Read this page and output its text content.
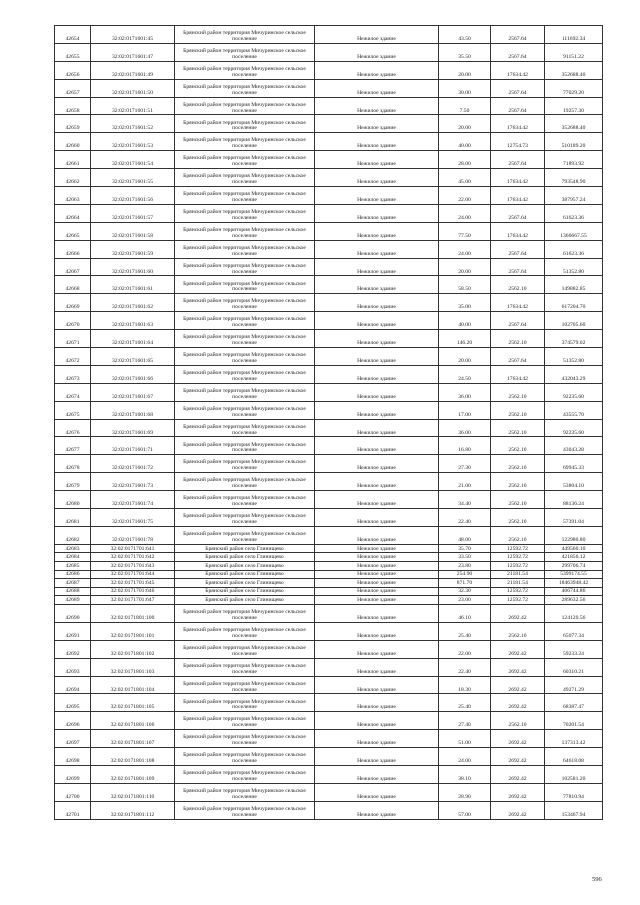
42654	32:02:0171601:45	Брянский район территория Мичуринское сельское поселение	Нежилое здание	43.50	2567.64	111692.34
42655	32:02:0171601:47	Брянский район территория Мичуринское сельское поселение	Нежилое здание	35.50	2567.64	91151.22
42656	32:02:0171601:49	Брянский район территория Мичуринское сельское поселение	Нежилое здание	20.00	17634.42	352688.40
42657	32:02:0171601:50	Брянский район территория Мичуринское сельское поселение	Нежилое здание	30.00	2567.64	77029.20
42658	32:02:0171601:51	Брянский район территория Мичуринское сельское поселение	Нежилое здание	7.50	2567.64	19257.30
42659	32:02:0171601:52	Брянский район территория Мичуринское сельское поселение	Нежилое здание	20.00	17634.42	352688.40
42660	32:02:0171601:53	Брянский район территория Мичуринское сельское поселение	Нежилое здание	40.00	12754.73	510189.20
42661	32:02:0171601:54	Брянский район территория Мичуринское сельское поселение	Нежилое здание	28.00	2567.64	71893.92
42662	32:02:0171601:55	Брянский район территория Мичуринское сельское поселение	Нежилое здание	45.00	17634.42	793548.90
42663	32:02:0171601:56	Брянский район территория Мичуринское сельское поселение	Нежилое здание	22.00	17634.42	387957.24
42664	32:02:0171601:57	Брянский район территория Мичуринское сельское поселение	Нежилое здание	24.00	2567.64	61623.36
42665	32:02:0171601:58	Брянский район территория Мичуринское сельское поселение	Нежилое здание	77.50	17634.42	1366667.55
42666	32:02:0171601:59	Брянский район территория Мичуринское сельское поселение	Нежилое здание	24.00	2567.64	61623.36
42667	32:02:0171601:60	Брянский район территория Мичуринское сельское поселение	Нежилое здание	20.00	2567.64	51352.80
42668	32:02:0171601:61	Брянский район территория Мичуринское сельское поселение	Нежилое здание	58.50	2562.10	149882.85
42669	32:02:0171601:62	Брянский район территория Мичуринское сельское поселение	Нежилое здание	35.00	17634.42	617204.70
42670	32:02:0171601:63	Брянский район территория Мичуринское сельское поселение	Нежилое здание	40.00	2567.64	102705.60
42671	32:02:0171601:64	Брянский район территория Мичуринское сельское поселение	Нежилое здание	146.20	2562.10	374579.02
42672	32:02:0171601:65	Брянский район территория Мичуринское сельское поселение	Нежилое здание	20.00	2567.64	51352.80
42673	32:02:0171601:66	Брянский район территория Мичуринское сельское поселение	Нежилое здание	24.50	17634.42	432043.29
42674	32:02:0171601:67	Брянский район территория Мичуринское сельское поселение	Нежилое здание	36.00	2562.10	92235.60
42675	32:02:0171601:68	Брянский район территория Мичуринское сельское поселение	Нежилое здание	17.00	2562.10	43555.70
42676	32:02:0171601:69	Брянский район территория Мичуринское сельское поселение	Нежилое здание	36.00	2562.10	92235.60
42677	32:02:0171601:71	Брянский район территория Мичуринское сельское поселение	Нежилое здание	16.80	2562.10	43043.28
42678	32:02:0171601:72	Брянский район территория Мичуринское сельское поселение	Нежилое здание	27.30	2562.10	69945.33
42679	32:02:0171601:73	Брянский район территория Мичуринское сельское поселение	Нежилое здание	21.00	2562.10	53804.10
42680	32:02:0171601:74	Брянский район территория Мичуринское сельское поселение	Нежилое здание	34.40	2562.10	88136.24
42681	32:02:0171601:75	Брянский район территория Мичуринское сельское поселение	Нежилое здание	22.40	2562.10	57391.04
42682	32:02:0171601:78	Брянский район территория Мичуринское сельское поселение	Нежилое здание	48.00	2562.10	122980.80
42683	32:02:0171701:641	Брянский район село Глинищево	Нежилое здание	35.70	12592.72	449560.10
42684	32:02:0171701:642	Брянский район село Глинищево	Нежилое здание	33.50	12592.72	421856.12
42685	32:02:0171701:643	Брянский район село Глинищево	Нежилое здание	23.80	12592.72	299706.74
42686	32:02:0171701:644	Брянский район село Глинищево	Нежилое здание	254.90	21181.54	5399174.55
42687	32:02:0171701:645	Брянский район село Глинищево	Нежилое здание	871.70	21181.54	18463948.42
42688	32:02:0171701:646	Брянский район село Глинищево	Нежилое здание	32.30	12592.72	406744.86
42689	32:02:0171701:647	Брянский район село Глинищево	Нежилое здание	23.00	12592.72	289632.56
42690	32:02:0171801:100	Брянский район территория Мичуринское сельское поселение	Нежилое здание	46.10	2692.42	124120.56
42691	32:02:0171801:101	Брянский район территория Мичуринское сельское поселение	Нежилое здание	25.40	2562.10	65077.34
42692	32:02:0171801:102	Брянский район территория Мичуринское сельское поселение	Нежилое здание	22.00	2692.42	59233.24
42693	32:02:0171801:103	Брянский район территория Мичуринское сельское поселение	Нежилое здание	22.40	2692.42	60310.21
42694	32:02:0171801:104	Брянский район территория Мичуринское сельское поселение	Нежилое здание	18.30	2692.42	49271.29
42695	32:02:0171801:105	Брянский район территория Мичуринское сельское поселение	Нежилое здание	25.40	2692.42	68387.47
42696	32:02:0171801:106	Брянский район территория Мичуринское сельское поселение	Нежилое здание	27.40	2562.10	70201.54
42697	32:02:0171801:107	Брянский район территория Мичуринское сельское поселение	Нежилое здание	51.00	2692.42	137313.42
42698	32:02:0171801:108	Брянский район территория Мичуринское сельское поселение	Нежилое здание	24.00	2692.42	64618.08
42699	32:02:0171801:109	Брянский район территория Мичуринское сельское поселение	Нежилое здание	38.10	2692.42	102581.20
42700	32:02:0171801:110	Брянский район территория Мичуринское сельское поселение	Нежилое здание	28.90	2692.42	77810.94
42701	32:02:0171801:112	Брянский район территория Мичуринское сельское поселение	Нежилое здание	57.00	2692.42	153467.94
596
